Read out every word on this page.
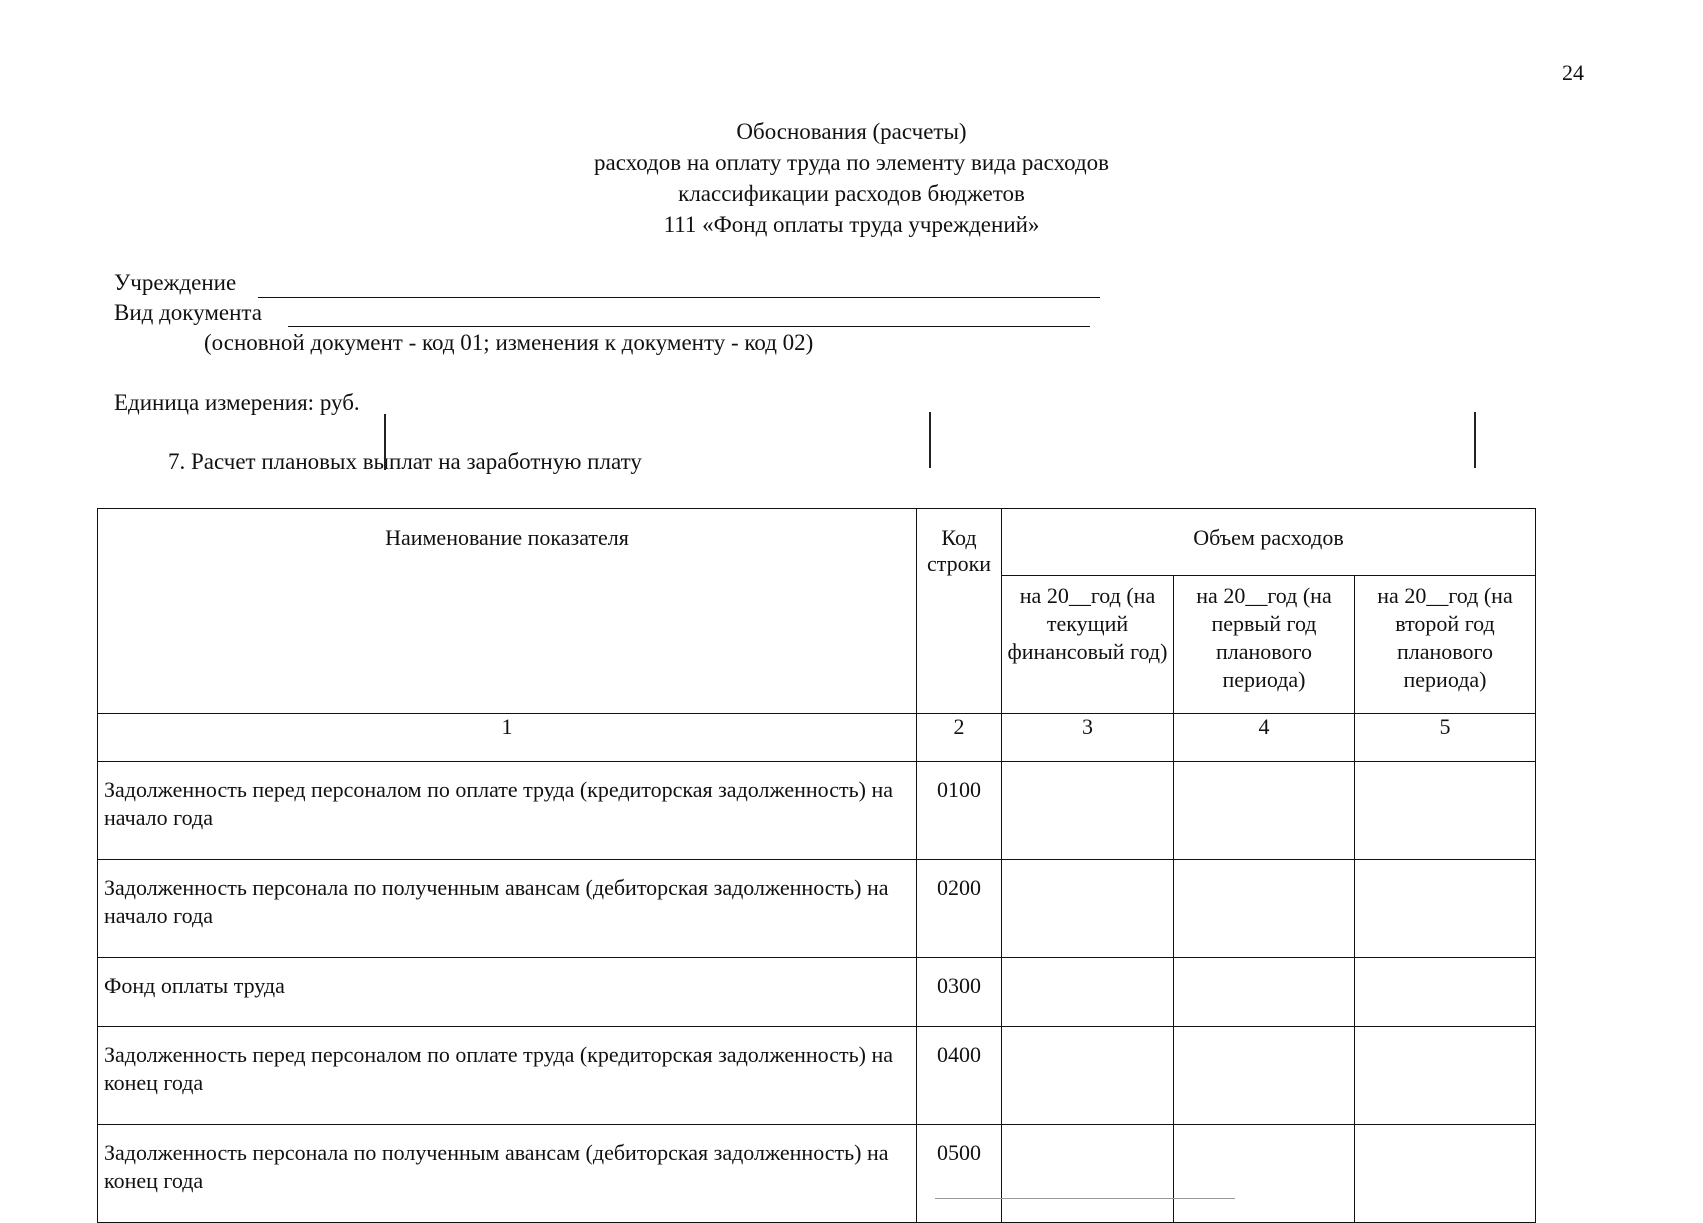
24
Обоснования (расчеты)
расходов на оплату труда по элементу вида расходов
классификации расходов бюджетов
111 «Фонд оплаты труда учреждений»
Учреждение
Вид документа
(основной документ - код 01; изменения к документу - код 02)
Единица измерения: руб.
7. Расчет плановых выплат на заработную плату
Наименование показателя	Код строки	Объем расходов		
		на 20__год (на текущий финансовый год)	на 20__год (на первый год планового периода)	на 20__год (на второй год планового периода)
1	2	3	4	5
Задолженность перед персоналом по оплате труда (кредиторская задолженность) на начало года	0100			
Задолженность персонала по полученным авансам (дебиторская задолженность) на начало года	0200			
Фонд оплаты труда	0300			
Задолженность перед персоналом по оплате труда (кредиторская задолженность) на конец года	0400			
Задолженность персонала по полученным авансам (дебиторская задолженность) на конец года	0500			
